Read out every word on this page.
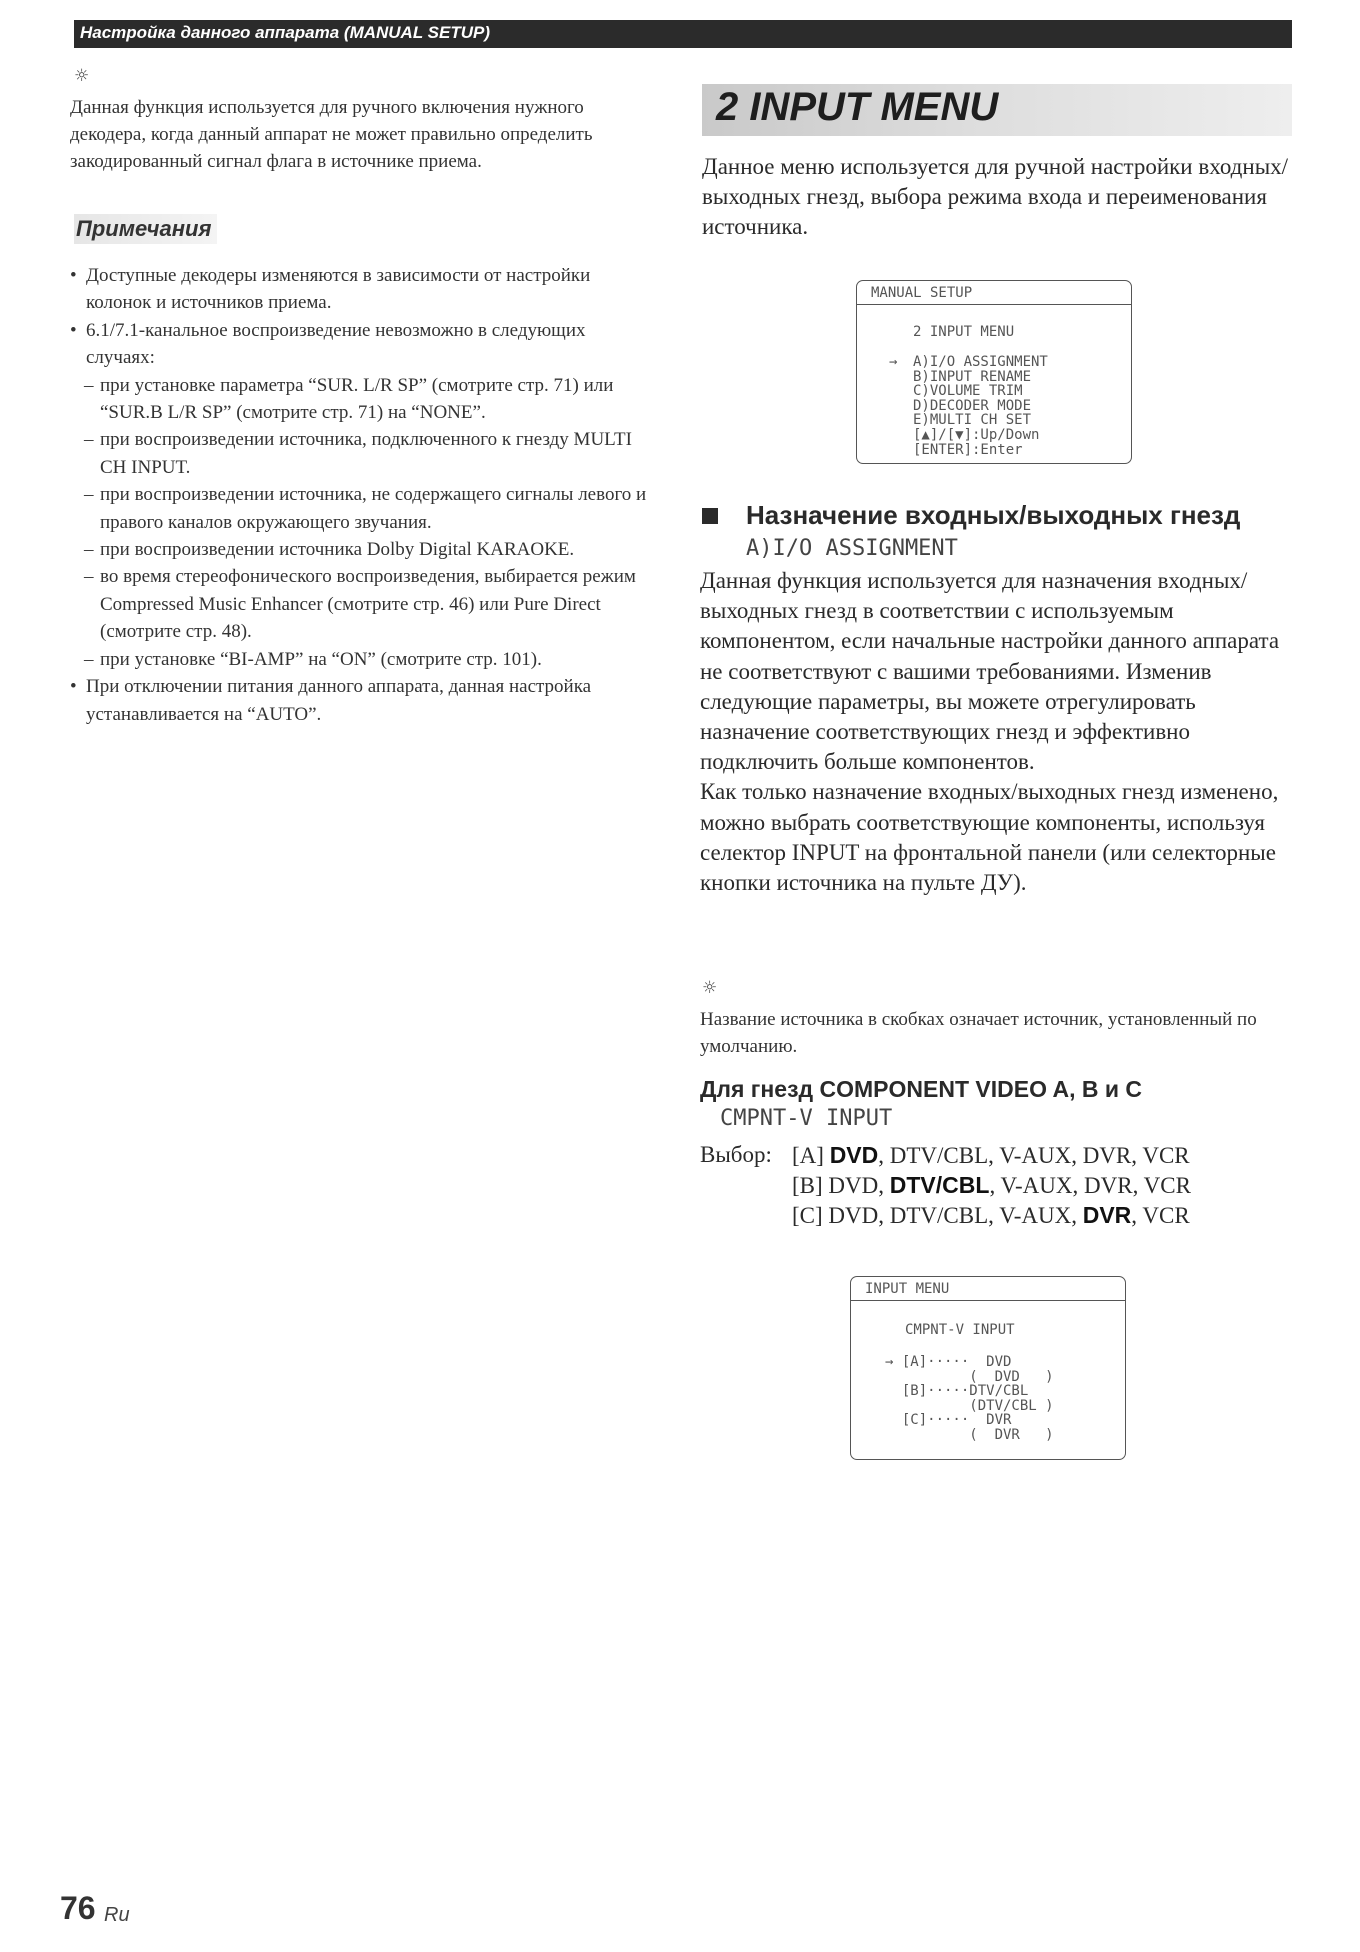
Настройка данного аппарата (MANUAL SETUP)
☼
Данная функция используется для ручного включения нужного декодера, когда данный аппарат не может правильно определить закодированный сигнал флага в источнике приема.
Примечания
• Доступные декодеры изменяются в зависимости от настройки колонок и источников приема.
• 6.1/7.1-канальное воспроизведение невозможно в следующих случаях:
– при установке параметра “SUR. L/R SP” (смотрите стр. 71) или “SUR.B L/R SP” (смотрите стр. 71) на “NONE”.
– при воспроизведении источника, подключенного к гнезду MULTI CH INPUT.
– при воспроизведении источника, не содержащего сигналы левого и правого каналов окружающего звучания.
– при воспроизведении источника Dolby Digital KARAOKE.
– во время стереофонического воспроизведения, выбирается режим Compressed Music Enhancer (смотрите стр. 46) или Pure Direct (смотрите стр. 48).
– при установке “BI-AMP” на “ON” (смотрите стр. 101).
• При отключении питания данного аппарата, данная настройка устанавливается на “AUTO”.
2 INPUT MENU
Данное меню используется для ручной настройки входных/выходных гнезд, выбора режима входа и переименования источника.
MANUAL SETUP
2 INPUT MENU
→ A)I/O ASSIGNMENT
B)INPUT RENAME
C)VOLUME TRIM
D)DECODER MODE
E)MULTI CH SET
[▲]/[▼]:Up/Down
[ENTER]:Enter
Назначение входных/выходных гнезд
A)I/O ASSIGNMENT

Данная функция используется для назначения входных/выходных гнезд в соответствии с используемым компонентом, если начальные настройки данного аппарата не соответствуют с вашими требованиями. Изменив следующие параметры, вы можете отрегулировать назначение соответствующих гнезд и эффективно подключить больше компонентов.

Как только назначение входных/выходных гнезд изменено, можно выбрать соответствующие компоненты, используя селектор INPUT на фронтальной панели (или селекторные кнопки источника на пульте ДУ).

☼
Название источника в скобках означает источник, установленный по умолчанию.
Для гнезд COMPONENT VIDEO A, B и C
CMPNT-V INPUT
Выбор: [A] DVD, DTV/CBL, V-AUX, DVR, VCR
[B] DVD, DTV/CBL, V-AUX, DVR, VCR
[C] DVD, DTV/CBL, V-AUX, DVR, VCR
INPUT MENU
CMPNT-V INPUT
→ [A]·····  DVD
(  DVD   )
[B]·····DTV/CBL
(DTV/CBL )
[C]·····  DVR
(  DVR   )
76 Ru
